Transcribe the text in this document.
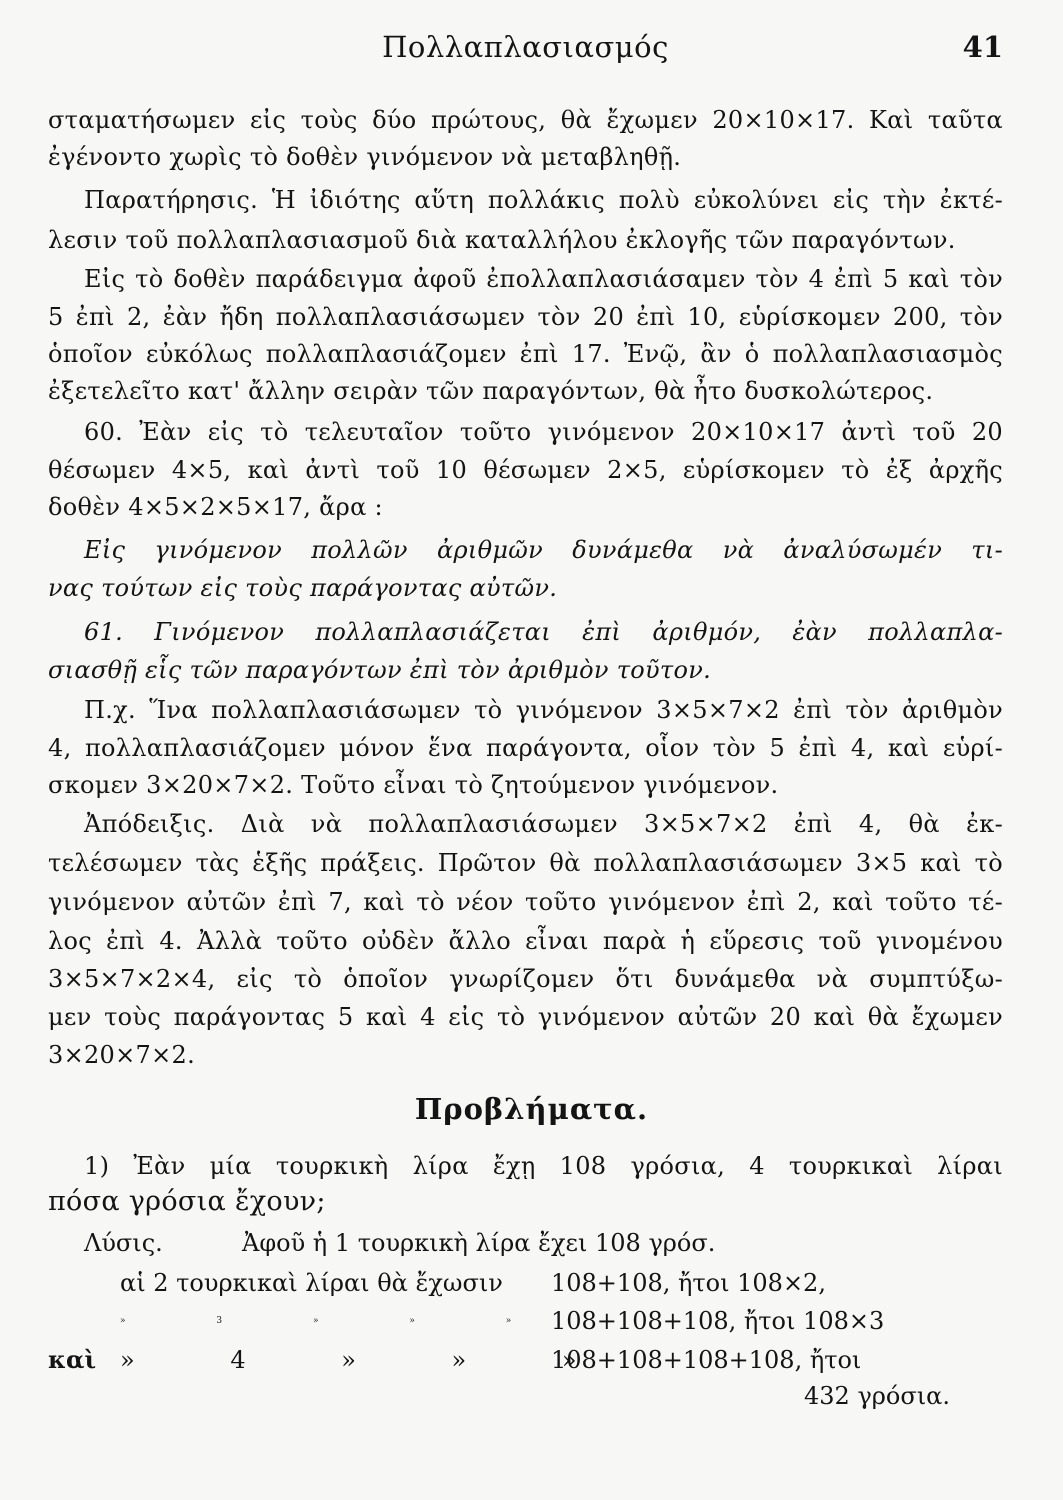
Πολλαπλασιασμός	41
σταματήσωμεν εἰς τοὺς δύο πρώτους, θὰ ἔχωμεν 20×10×17. Καὶ ταῦτα
ἐγένοντο χωρὶς τὸ δοθὲν γινόμενον νὰ μεταβληθῇ.
Παρατήρησις. Ἡ ἰδιότης αὕτη πολλάκις πολὺ εὐκολύνει εἰς τὴν ἐκτέ-
λεσιν τοῦ πολλαπλασιασμοῦ διὰ καταλλήλου ἐκλογῆς τῶν παραγόντων.
Εἰς τὸ δοθὲν παράδειγμα ἀφοῦ ἐπολλαπλασιάσαμεν τὸν 4 ἐπὶ 5 καὶ τὸν
5 ἐπὶ 2, ἐὰν ἤδη πολλαπλασιάσωμεν τὸν 20 ἐπὶ 10, εὑρίσκομεν 200, τὸν
ὁποῖον εὐκόλως πολλαπλασιάζομεν ἐπὶ 17. Ἐνῷ, ἂν ὁ πολλαπλασιασμὸς
ἐξετελεῖτο κατ' ἄλλην σειρὰν τῶν παραγόντων, θὰ ἦτο δυσκολώτερος.
60. Ἐὰν εἰς τὸ τελευταῖον τοῦτο γινόμενον 20×10×17 ἀντὶ τοῦ 20
θέσωμεν 4×5, καὶ ἀντὶ τοῦ 10 θέσωμεν 2×5, εὑρίσκομεν τὸ ἐξ ἀρχῆς
δοθὲν 4×5×2×5×17, ἄρα :
Εἰς γινόμενον πολλῶν ἀριθμῶν δυνάμεθα νὰ ἀναλύσωμέν τι-
νας τούτων εἰς τοὺς παράγοντας αὐτῶν.
61. Γινόμενον πολλαπλασιάζεται ἐπὶ ἀριθμόν, ἐὰν πολλαπλα-
σιασθῇ εἷς τῶν παραγόντων ἐπὶ τὸν ἀριθμὸν τοῦτον.
Π.χ. Ἵνα πολλαπλασιάσωμεν τὸ γινόμενον 3×5×7×2 ἐπὶ τὸν ἀριθμὸν
4, πολλαπλασιάζομεν μόνον ἕνα παράγοντα, οἷον τὸν 5 ἐπὶ 4, καὶ εὑρί-
σκομεν 3×20×7×2. Τοῦτο εἶναι τὸ ζητούμενον γινόμενον.
Ἀπόδειξις. Διὰ νὰ πολλαπλασιάσωμεν 3×5×7×2 ἐπὶ 4, θὰ ἐκ-
τελέσωμεν τὰς ἑξῆς πράξεις. Πρῶτον θὰ πολλαπλασιάσωμεν 3×5 καὶ τὸ
γινόμενον αὐτῶν ἐπὶ 7, καὶ τὸ νέον τοῦτο γινόμενον ἐπὶ 2, καὶ τοῦτο τέ-
λος ἐπὶ 4. Ἀλλὰ τοῦτο οὐδὲν ἄλλο εἶναι παρὰ ἡ εὕρεσις τοῦ γινομένου
3×5×7×2×4, εἰς τὸ ὁποῖον γνωρίζομεν ὅτι δυνάμεθα νὰ συμπτύξω-
μεν τοὺς παράγοντας 5 καὶ 4 εἰς τὸ γινόμενον αὐτῶν 20 καὶ θὰ ἔχωμεν
3×20×7×2.
Προβλήματα.
1) Ἐὰν μία τουρκικὴ λίρα ἔχῃ 108 γρόσια, 4 τουρκικαὶ λίραι
πόσα γρόσια ἔχουν;
Λύσις.	Ἀφοῦ ἡ 1 τουρκικὴ λίρα ἔχει 108 γρόσ.
αἱ 2 τουρκικαὶ λίραι θὰ ἔχωσιν 108+108, ἤτοι 108×2,
» 3 » » » 108+108+108, ἤτοι 108×3
καὶ » 4 » » »
108+108+108+108, ἤτοι
432 γρόσια.
